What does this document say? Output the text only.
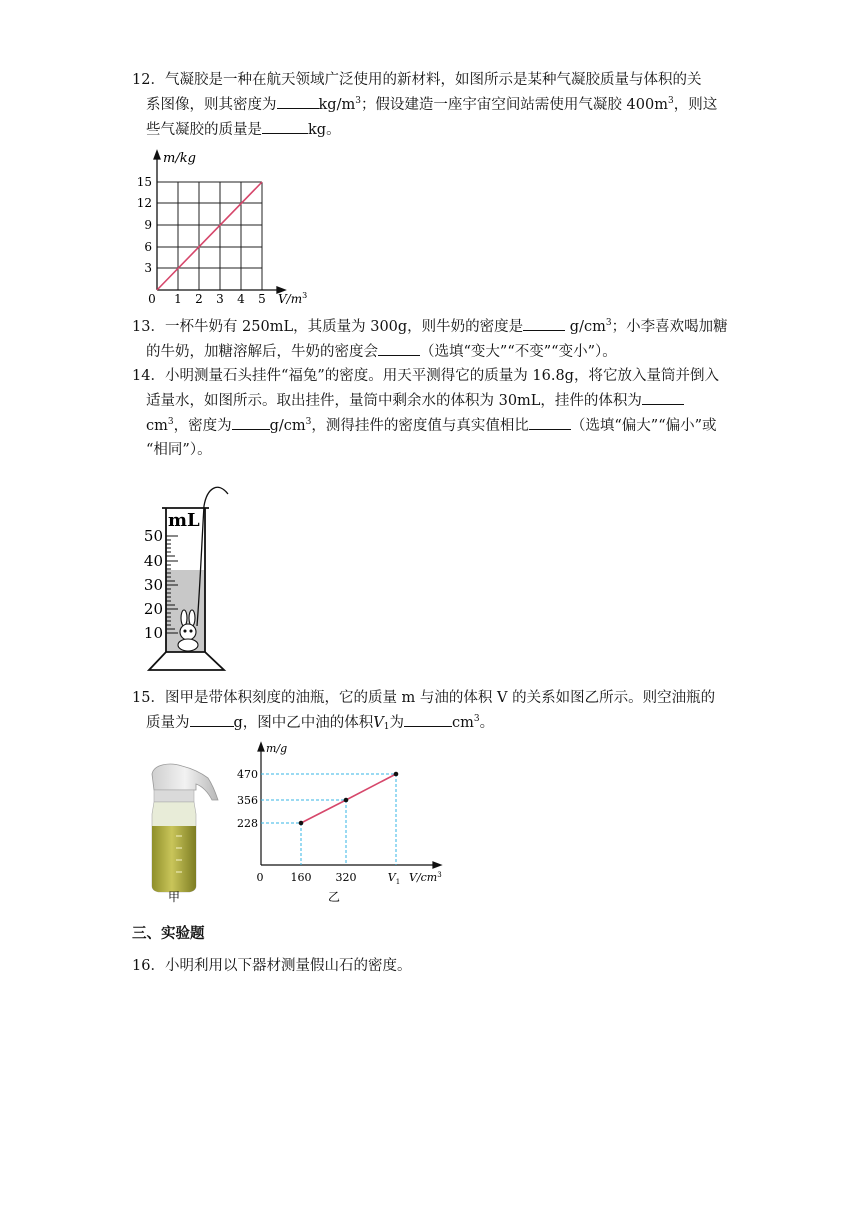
12．气凝胶是一种在航天领域广泛使用的新材料，如图所示是某种气凝胶质量与体积的关
系图像，则其密度为	$kg/m^3$；假设建造一座宇宙空间站需使用气凝胶 $400m^3$，则这
些气凝胶的质量是	kg。
m/kg
0 1 2 3 4 5
3
6
9
12
15
$V/m^3$
13．一杯牛奶有 250mL，其质量为 300g，则牛奶的密度是	$g/cm^3$；小李喜欢喝加糖
的牛奶，加糖溶解后，牛奶的密度会	（选填“变大”“不变”“变小”）。
14．小明测量石头挂件“福兔”的密度。用天平测得它的质量为 16.8g，将它放入量筒并倒入
适量水，如图所示。取出挂件，量筒中剩余水的体积为 30mL，挂件的体积为
$cm^3$，密度为	$g/cm^3$，测得挂件的密度值与真实值相比	（选填“偏大”“偏小”或
“相同”）。
mL
50
40
30
20
10
15．图甲是带体积刻度的油瓶，它的质量 m 与油的体积 V 的关系如图乙所示。则空油瓶的
质量为	g，图中乙中油的体积$V_1$为	$cm^3$。
甲
m/g
470
356
228
0 160 320	$V_1$ $V/cm^3$
乙
三、实验题
16．小明利用以下器材测量假山石的密度。
